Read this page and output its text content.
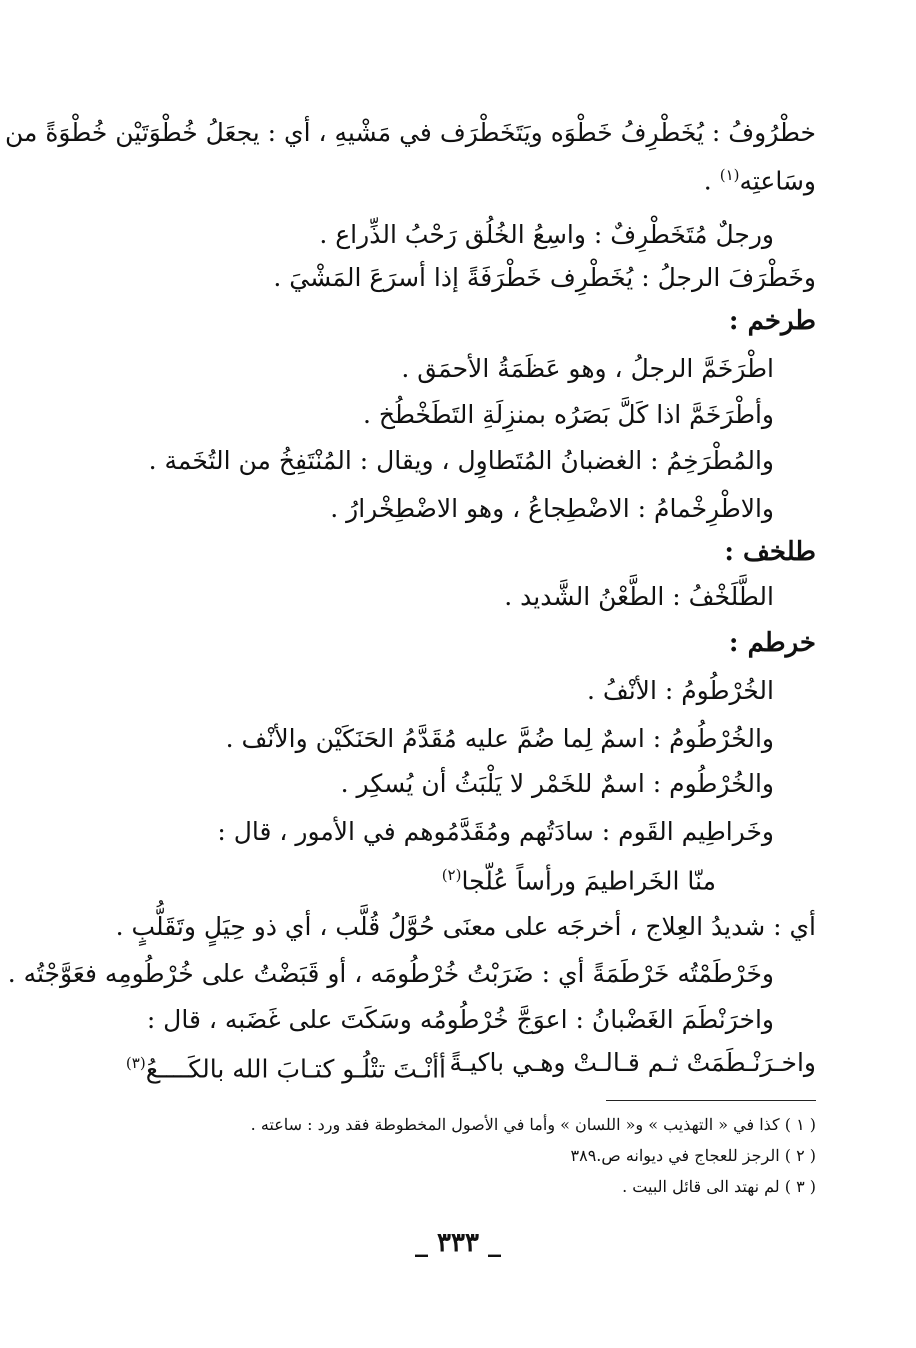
خطْرُوفُ : يُخَطْرِفُ خَطْوَه ويَتَخَطْرَف في مَشْيهِ ، أي : يجعَلُ خُطْوَتَيْن خُطْوَةً من
وسَاعتِه$^{(١)}$ .
ورجلٌ مُتَخَطْرِفٌ : واسِعُ الخُلُق رَحْبُ الذِّراع .
وخَطْرَفَ الرجلُ : يُخَطْرِف خَطْرَفَةً إذا أسرَعَ المَشْيَ .
طرخم :
اطْرَخَمَّ الرجلُ ، وهو عَظَمَةُ الأحمَق .
وأطْرَخَمَّ اذا كَلَّ بَصَرُه بمنزِلَةِ التَطَخْطُخ .
والمُطْرَخِمُ : الغضبانُ المُتَطاوِل ، ويقال : المُنْتَفِخُ من التُخَمة .
والاطْرِخْمامُ : الاضْطِجاعُ ، وهو الاضْطِخْرارُ .
طلخف :
الطَّلَخْفُ : الطَّعْنُ الشَّديد .
خرطم :
الخُرْطُومُ : الأنْفُ .
والخُرْطُومُ : اسمٌ لِما ضُمَّ عليه مُقَدَّمُ الحَنَكَيْن والأنْف .
والخُرْطُوم : اسمٌ للخَمْر لا يَلْبَثُ أن يُسكِر .
وخَراطِيم القَوم : سادَتُهم ومُقَدَّمُوهم في الأمور ، قال :
منّا الخَراطيمَ ورأساً عُلّجا$^{(٢)}$
أي : شديدُ العِلاج ، أخرجَه على معنَى حُوَّلُ قُلَّب ، أي ذو حِيَلٍ وتَقَلُّبٍ .
وخَرْطَمْتُه خَرْطَمَةً أي : ضَرَبْتُ خُرْطُومَه ، أو قَبَضْتُ على خُرْطُومِه فعَوَّجْتُه .
واخرَنْطَمَ الغَضْبانُ : اعوَجَّ خُرْطُومُه وسَكَتَ على غَضَبه ، قال :
واخـرَنْـطَمَتْ ثـم قـالـتْ وهـي باكيـةً
أأنْـتَ تتْلُـو كتـابَ الله بالكَــــعُ$^{(٣)}$
( ١ ) كذا في « التهذيب » و« اللسان » وأما في الأصول المخطوطة فقد ورد : ساعته .
( ٢ ) الرجز للعجاج في ديوانه ص.٣٨٩
( ٣ ) لم نهتد الى قائل البيت .
_ ٣٣٣ _
